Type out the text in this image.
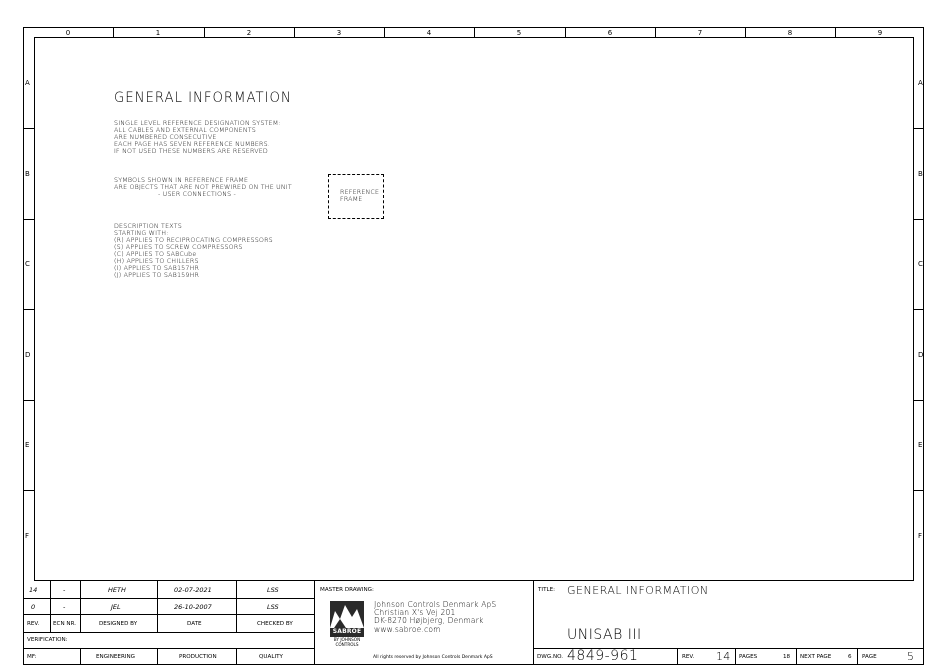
0	1	2	3	4	5	6	7	8	9
A
B
C
D
E
F
A
B
C
D
E
F
GENERAL INFORMATION
SINGLE LEVEL REFERENCE DESIGNATION SYSTEM:
ALL CABLES AND EXTERNAL COMPONENTS
ARE NUMBERED CONSECUTIVE
EACH PAGE HAS SEVEN REFERENCE NUMBERS.
IF NOT USED THESE NUMBERS ARE RESERVED
SYMBOLS SHOWN IN REFERENCE FRAME
ARE OBJECTS THAT ARE NOT PREWIRED ON THE UNIT
- USER CONNECTIONS -	REFERENCE
FRAME
DESCRIPTION TEXTS
STARTING WITH:
(R) APPLIES TO RECIPROCATING COMPRESSORS
(S) APPLIES TO SCREW COMPRESSORS
(C) APPLIES TO SABCube
(H) APPLIES TO CHILLERS
(I) APPLIES TO SAB157HR
(J) APPLIES TO SAB159HR
14	-	HETH	02-07-2021	LSS
0	-	JEL	26-10-2007	LSS
REV. ECN NR.	DESIGNED BY	DATE	CHECKED BY
VERIFICATION:
MF:	ENGINEERING	PRODUCTION	QUALITY
MASTER DRAWING:
SABROE
BY JOHNSON
CONTROLS
Johnson Controls Denmark ApS
Christian X's Vej 201
DK-8270 Højbjerg, Denmark
www.sabroe.com
All rights reserved by Johnson Controls Denmark ApS
TITLE: GENERAL INFORMATION
UNISAB III
DWG.NO. 4849-961	REV. 14 PAGES	18 NEXT PAGE	6 PAGE	5
